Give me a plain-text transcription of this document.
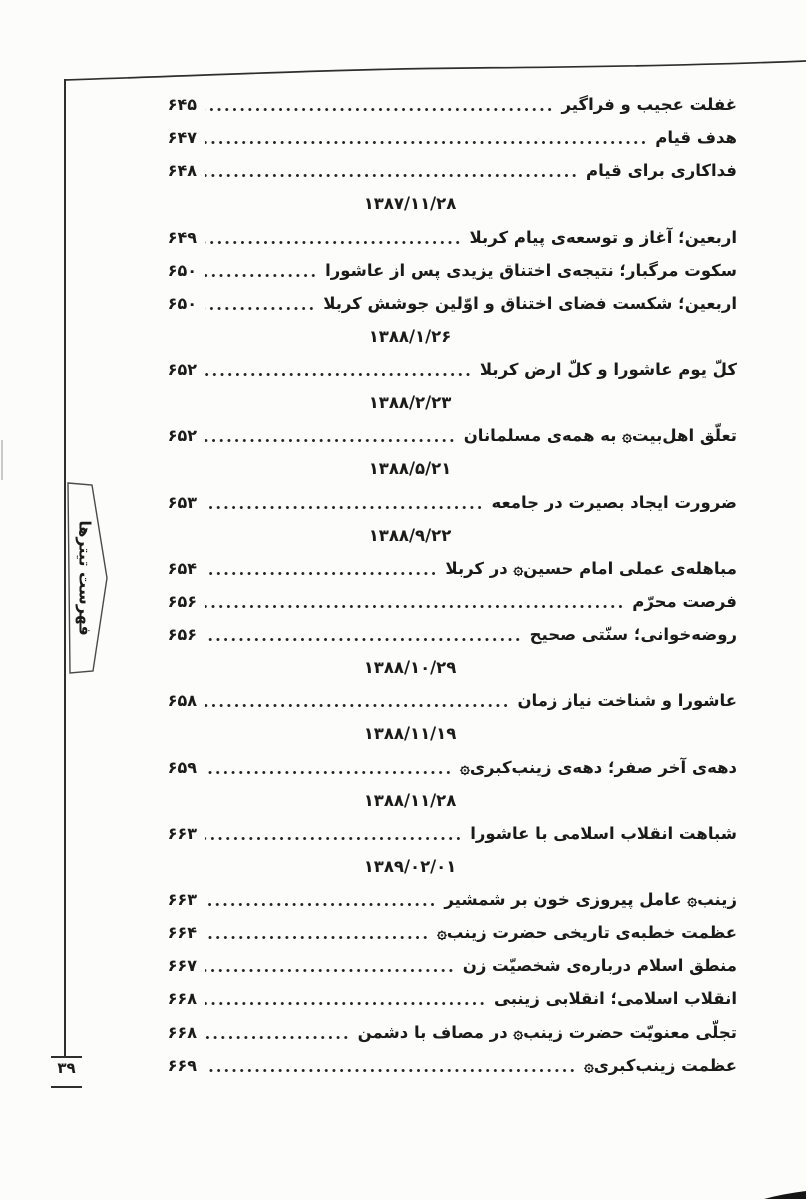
فهرست تیترها
غفلت عجیب و فراگیر
۶۴۵
هدف قیام
۶۴۷
فداکاری برای قیام
۶۴۸
۱۳۸۷/۱۱/۲۸
اربعین؛ آغاز و توسعه‌ی پیام کربلا
۶۴۹
سکوت مرگبار؛ نتیجه‌ی اختناق یزیدی پس از عاشورا
۶۵۰
اربعین؛ شکست فضای اختناق و اوّلین جوشش کربلا
۶۵۰
۱۳۸۸/۱/۲۶
کلّ یوم عاشورا و کلّ ارض کربلا
۶۵۲
۱۳۸۸/۲/۲۳
تعلّق اهل‌بیت۞ به همه‌ی مسلمانان
۶۵۲
۱۳۸۸/۵/۲۱
ضرورت ایجاد بصیرت در جامعه
۶۵۳
۱۳۸۸/۹/۲۲
مباهله‌ی عملی امام حسین۞ در کربلا
۶۵۴
فرصت محرّم
۶۵۶
روضه‌خوانی؛ سنّتی صحیح
۶۵۶
۱۳۸۸/۱۰/۲۹
عاشورا و شناخت نیاز زمان
۶۵۸
۱۳۸۸/۱۱/۱۹
دهه‌ی آخر صفر؛ دهه‌ی زینب‌کبری۞
۶۵۹
۱۳۸۸/۱۱/۲۸
شباهت انقلاب اسلامی با عاشورا
۶۶۳
۱۳۸۹/۰۲/۰۱
زینب۞ عامل پیروزی خون بر شمشیر
۶۶۳
عظمت خطبه‌ی تاریخی حضرت زینب۞
۶۶۴
منطق اسلام درباره‌ی شخصیّت زن
۶۶۷
انقلاب اسلامی؛ انقلابی زینبی
۶۶۸
تجلّی معنویّت حضرت زینب۞ در مصاف با دشمن
۶۶۸
عظمت زینب‌کبری۞
۶۶۹
۳۹
